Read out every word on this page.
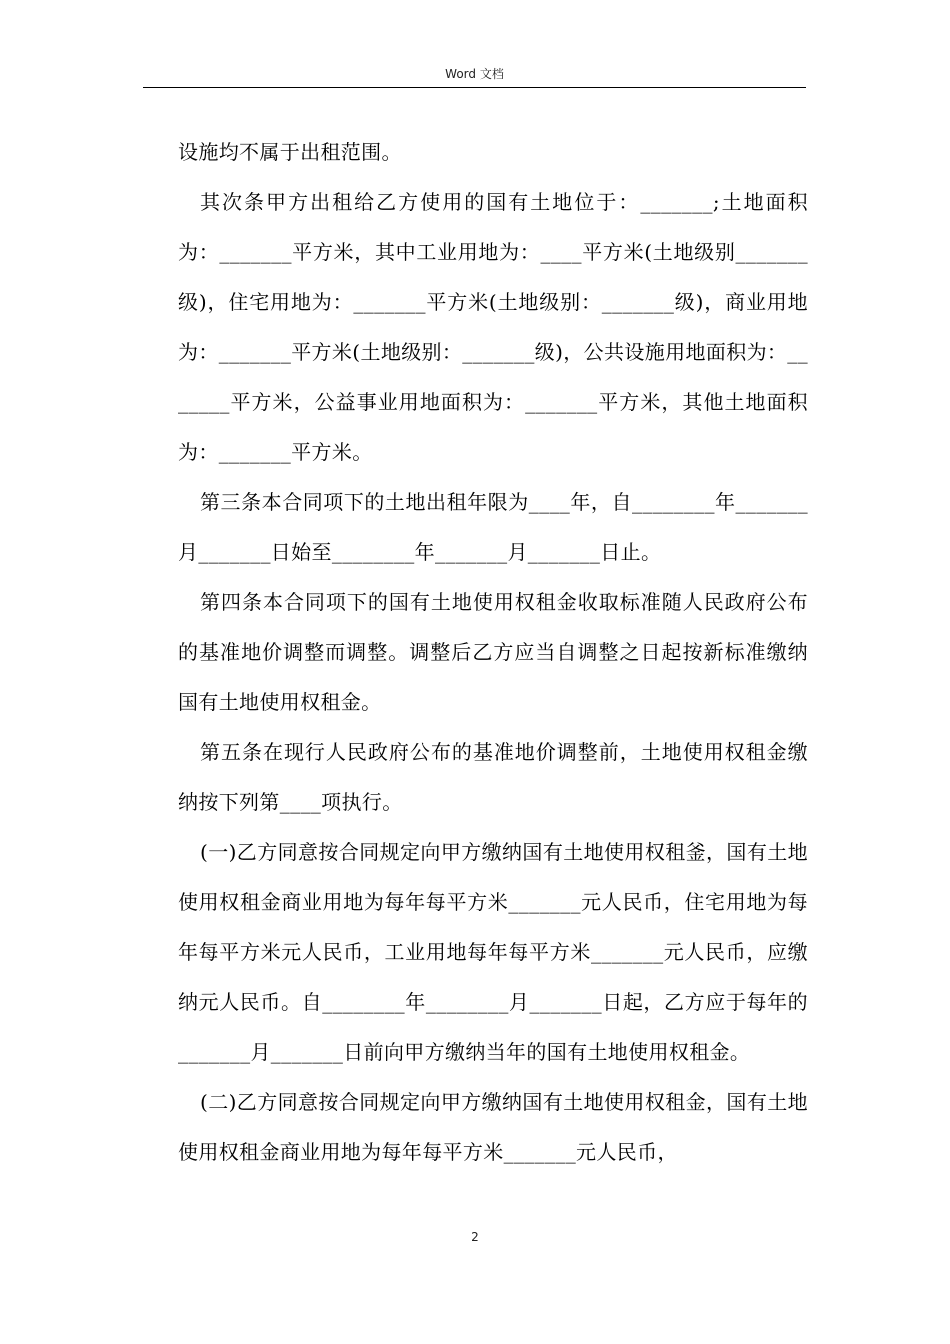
Word 文档

设施均不属于出租范围。

其次条甲方出租给乙方使用的国有土地位于：_______;土地面积为：_______平方米，其中工业用地为：____平方米(土地级别_______级)，住宅用地为：_______平方米(土地级别：_______级)，商业用地为：_______平方米(土地级别：_______级)，公共设施用地面积为：_______平方米，公益事业用地面积为：_______平方米，其他土地面积为：_______平方米。

第三条本合同项下的土地出租年限为____年，自________年_______月_______日始至________年_______月_______日止。

第四条本合同项下的国有土地使用权租金收取标准随人民政府公布的基准地价调整而调整。调整后乙方应当自调整之日起按新标准缴纳国有土地使用权租金。

第五条在现行人民政府公布的基准地价调整前，土地使用权租金缴纳按下列第____项执行。

(一)乙方同意按合同规定向甲方缴纳国有土地使用权租釜，国有土地使用权租金商业用地为每年每平方米_______元人民币，住宅用地为每年每平方米元人民币，工业用地每年每平方米_______元人民币，应缴纳元人民币。自________年________月_______日起，乙方应于每年的_______月_______日前向甲方缴纳当年的国有土地使用权租金。

(二)乙方同意按合同规定向甲方缴纳国有土地使用权租金，国有土地使用权租金商业用地为每年每平方米_______元人民币，

2
